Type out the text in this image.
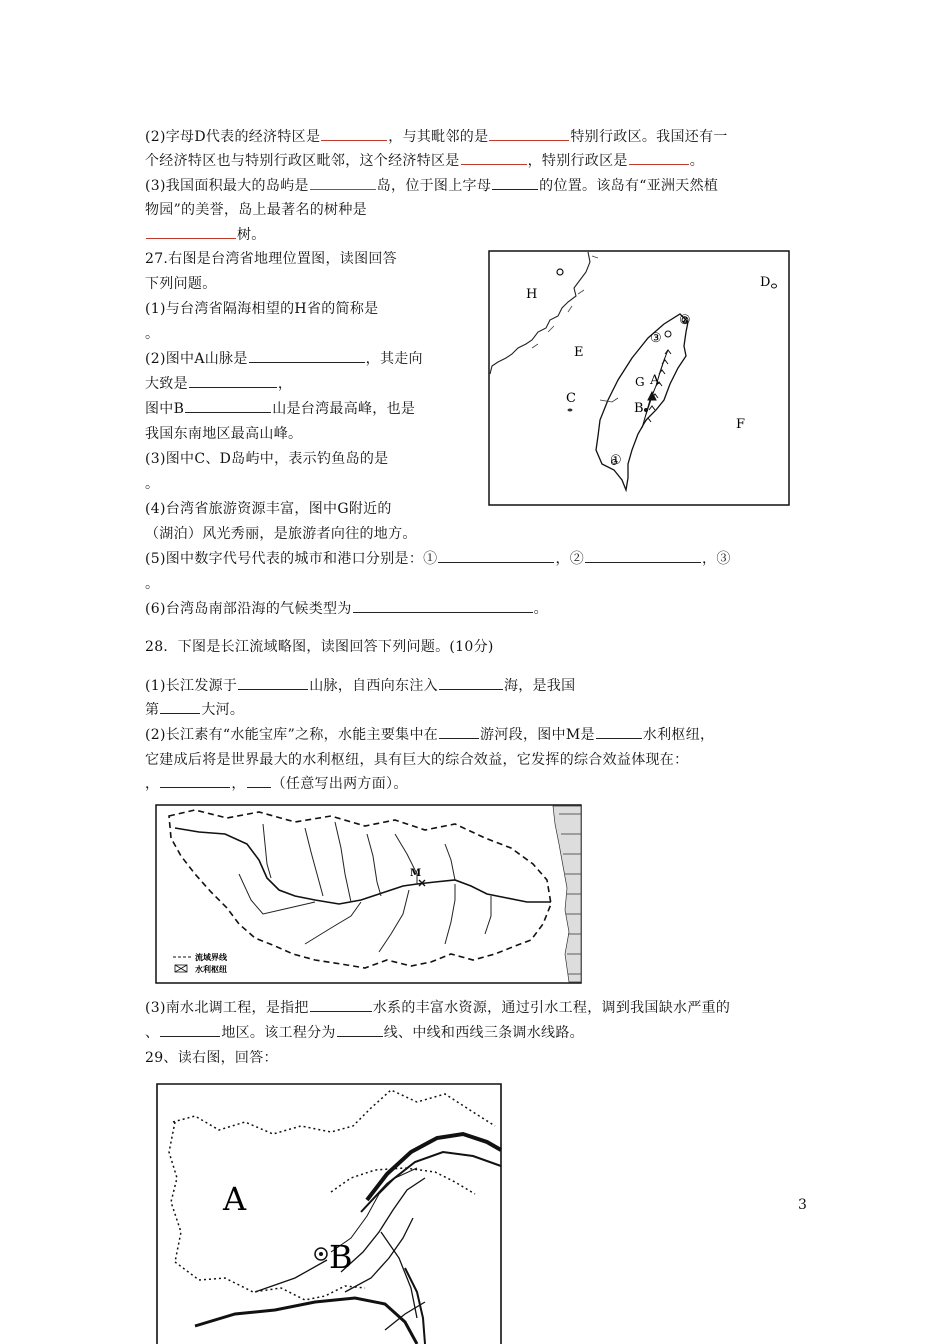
(2)字母D代表的经济特区是	，与其毗邻的是	特别行政区。我国还有一
个经济特区也与特别行政区毗邻，这个经济特区是	，特别行政区是	。
(3)我国面积最大的岛屿是	岛，位于图上字母	的位置。该岛有“亚洲天然植
物园”的美誉，岛上最著名的树种是
树。
27.右图是台湾省地理位置图，读图回答
下列问题。
(1)与台湾省隔海相望的H省的简称是
。
(2)图中A山脉是	，其走向
大致是	，
图中B	山是台湾最高峰，也是
我国东南地区最高山峰。
(3)图中C、D岛屿中，表示钓鱼岛的是
。
(4)台湾省旅游资源丰富，图中G附近的
（湖泊）风光秀丽，是旅游者向往的地方。
(5)图中数字代号代表的城市和港口分别是：①	，②	，③
。
(6)台湾岛南部沿海的气候类型为	。
H
E
C
D
G A
B
F
②
③
①
28．下图是长江流域略图，读图回答下列问题。(10分)
(1)长江发源于	山脉，自西向东注入	海，是我国
第	大河。
(2)长江素有“水能宝库”之称，水能主要集中在	游河段，图中M是	水利枢纽，
它建成后将是世界最大的水利枢纽，具有巨大的综合效益，它发挥的综合效益体现在：
，	， （任意写出两方面）。
M
流域界线
水利枢纽
(3)南水北调工程，是指把	水系的丰富水资源，通过引水工程，调到我国缺水严重的
、	地区。该工程分为	线、中线和西线三条调水线路。
29、读右图，回答：
A
B
3
